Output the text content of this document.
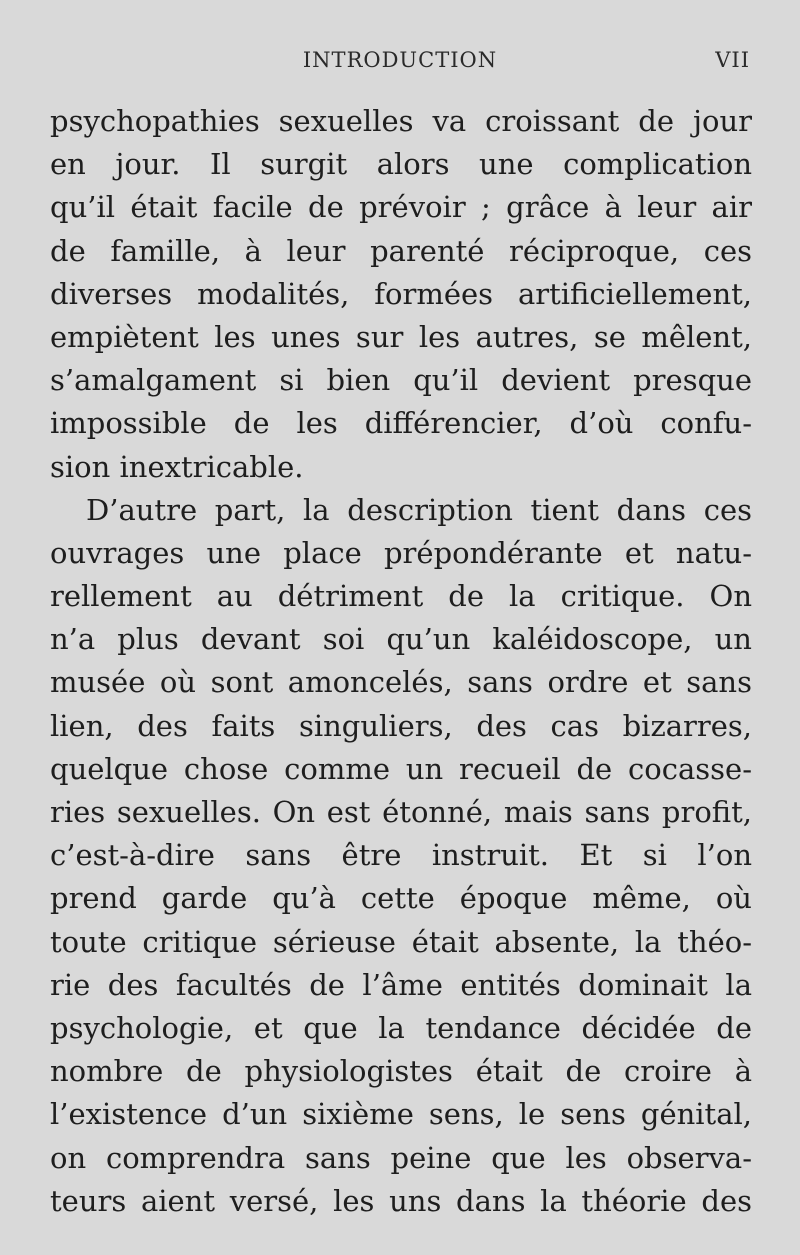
INTRODUCTION	VII
psychopathies sexuelles va croissant de jour
en jour. Il surgit alors une complication
qu’il était facile de prévoir ; grâce à leur air
de famille, à leur parenté réciproque, ces
diverses modalités, formées artificiellement,
empiètent les unes sur les autres, se mêlent,
s’amalgament si bien qu’il devient presque
impossible de les différencier, d’où confu-
sion inextricable.
D’autre part, la description tient dans ces
ouvrages une place prépondérante et natu-
rellement au détriment de la critique. On
n’a plus devant soi qu’un kaléidoscope, un
musée où sont amoncelés, sans ordre et sans
lien, des faits singuliers, des cas bizarres,
quelque chose comme un recueil de cocasse-
ries sexuelles. On est étonné, mais sans profit,
c’est-à-dire sans être instruit. Et si l’on
prend garde qu’à cette époque même, où
toute critique sérieuse était absente, la théo-
rie des facultés de l’âme entités dominait la
psychologie, et que la tendance décidée de
nombre de physiologistes était de croire à
l’existence d’un sixième sens, le sens génital,
on comprendra sans peine que les observa-
teurs aient versé, les uns dans la théorie des
